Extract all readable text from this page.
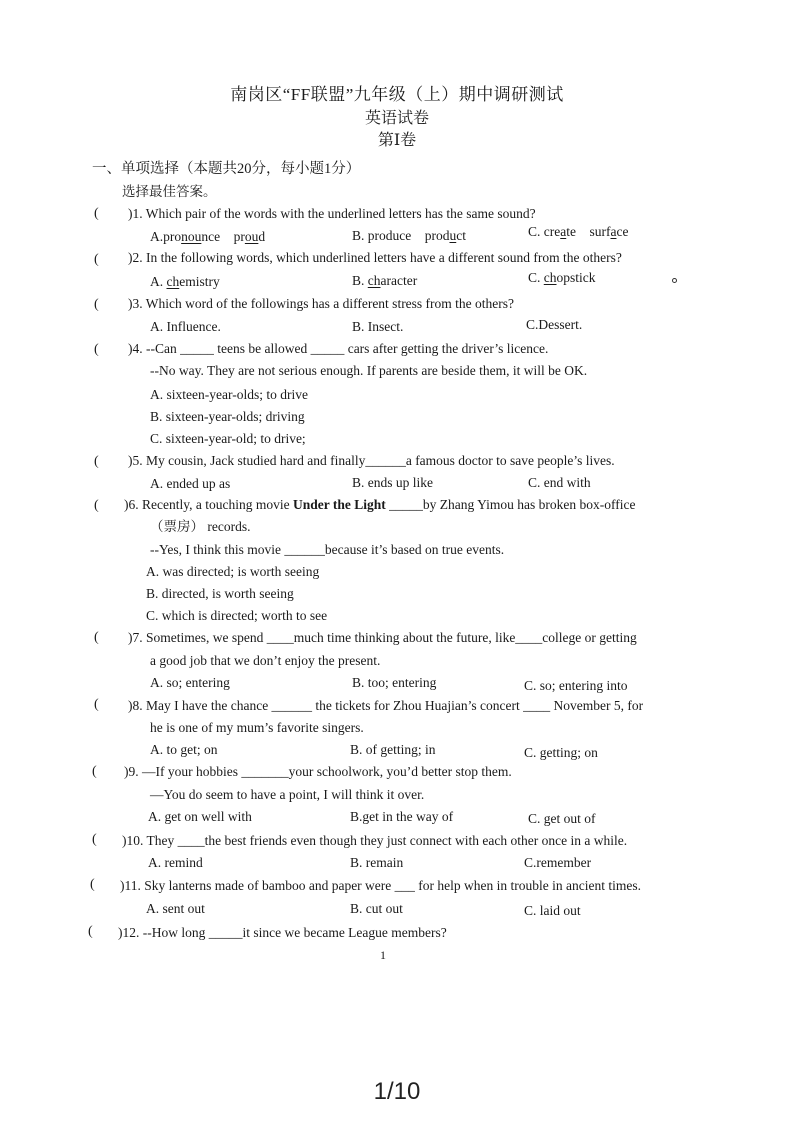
南岗区“FF联盟”九年级（上）期中调研测试
英语试卷
第Ⅰ卷
一、单项选择（本题共20分，每小题1分）
选择最佳答案。
( )1. Which pair of the words with the underlined letters has the same sound?
A.pronounce proud	B. produce product	C. create surface
( )2. In the following words, which underlined letters have a different sound from the others?
A. chemistry	B. character	C. chopstick
( )3. Which word of the followings has a different stress from the others?
A. Influence.	B. Insect.	C.Dessert.
( )4. --Can _____ teens be allowed _____ cars after getting the driver’s licence.
--No way. They are not serious enough. If parents are beside them, it will be OK.
A. sixteen-year-olds; to drive
B. sixteen-year-olds; driving
C. sixteen-year-old; to drive;
( )5. My cousin, Jack studied hard and finally______a famous doctor to save people’s lives.
A. ended up as	B. ends up like	C. end with
( )6. Recently, a touching movie Under the Light _____by Zhang Yimou has broken box-office
（票房） records.
--Yes, I think this movie ______because it’s based on true events.
A. was directed; is worth seeing
B. directed, is worth seeing
C. which is directed; worth to see
( )7. Sometimes, we spend ____much time thinking about the future, like____college or getting
a good job that we don’t enjoy the present.
A. so; entering	B. too; entering	C. so; entering into
( )8. May I have the chance ______ the tickets for Zhou Huajian’s concert ____ November 5, for
he is one of my mum’s favorite singers.
A. to get; on	B. of getting; in	C. getting; on
( )9. —If your hobbies _______your schoolwork, you’d better stop them.
—You do seem to have a point, I will think it over.
A. get on well with	B.get in the way of	C. get out of
( )10. They ____the best friends even though they just connect with each other once in a while.
A. remind	B. remain	C.remember
( )11. Sky lanterns made of bamboo and paper were ___ for help when in trouble in ancient times.
A. sent out	B. cut out	C. laid out
( )12. --How long _____it since we became League members?
1
1/10
